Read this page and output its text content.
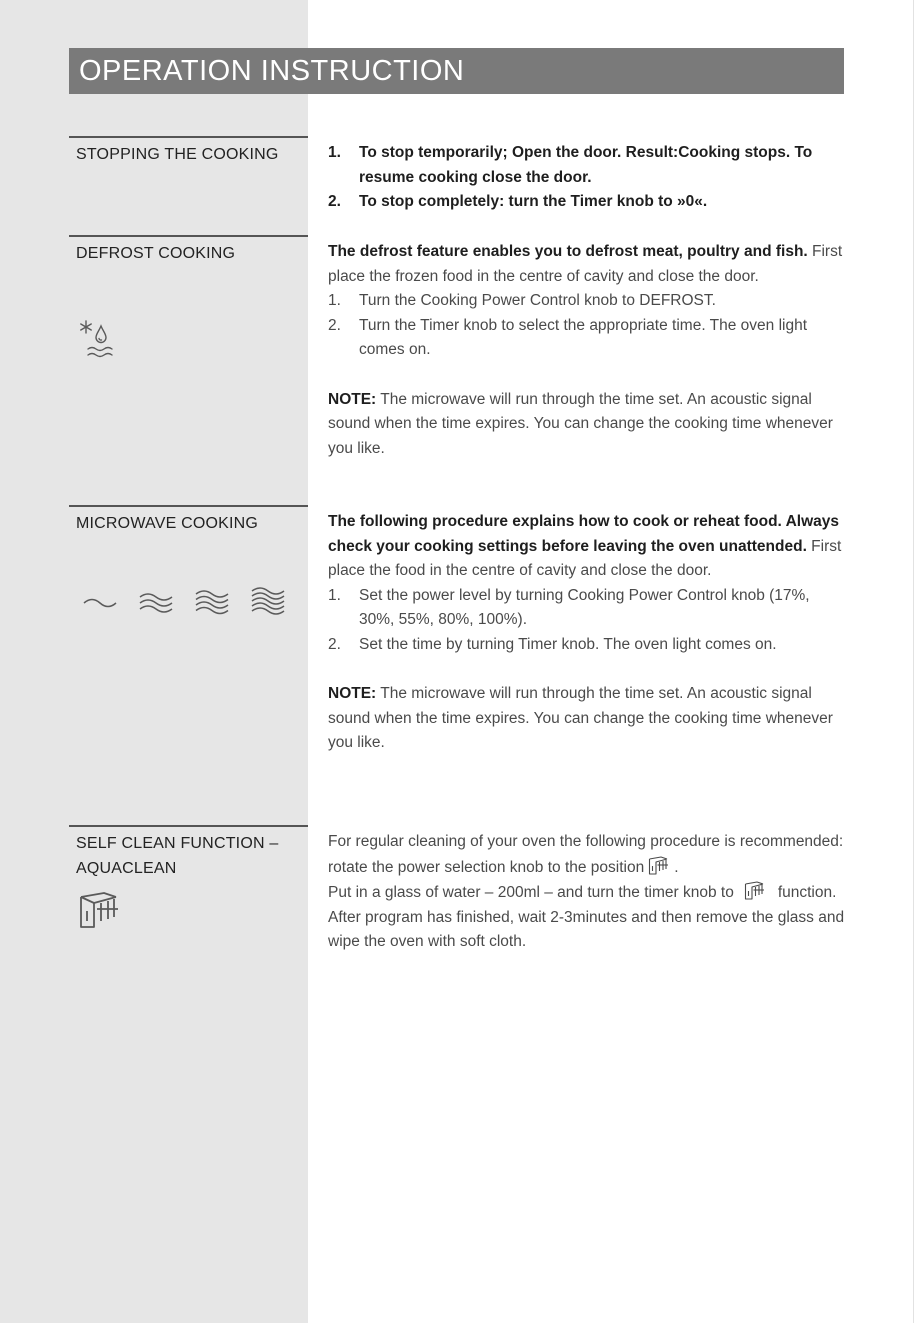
OPERATION INSTRUCTION
STOPPING THE COOKING	1. To stop temporarily; Open the door. Result:Cooking stops. To resume cooking close the door.
2. To stop completely: turn the Timer knob to »0«.
DEFROST COOKING	The defrost feature enables you to defrost meat, poultry and fish. First place the frozen food in the centre of cavity and close the door.

1. Turn the Cooking Power Control knob to DEFROST.
2. Turn the Timer knob to select the appropriate time. The oven light comes on.

NOTE: The microwave will run through the time set. An acoustic signal sound when the time expires. You can change the cooking time whenever you like.

MICROWAVE COOKING	The following procedure explains how to cook or reheat food. Always check your cooking settings before leaving the oven unattended. First place the food in the centre of cavity and close the door.

1. Set the power level by turning Cooking Power Control knob (17%, 30%, 55%, 80%, 100%).
2. Set the time by turning Timer knob. The oven light comes on.

NOTE: The microwave will run through the time set. An acoustic signal sound when the time expires. You can change the cooking time whenever you like.

SELF CLEAN FUNCTION – AQUACLEAN

For regular cleaning of your oven the following procedure is recommended: rotate the power selection knob to the position .

Put in a glass of water – 200ml – and turn the timer knob to	function. After program has finished, wait 2-3minutes and then remove the glass and wipe the oven with soft cloth.
